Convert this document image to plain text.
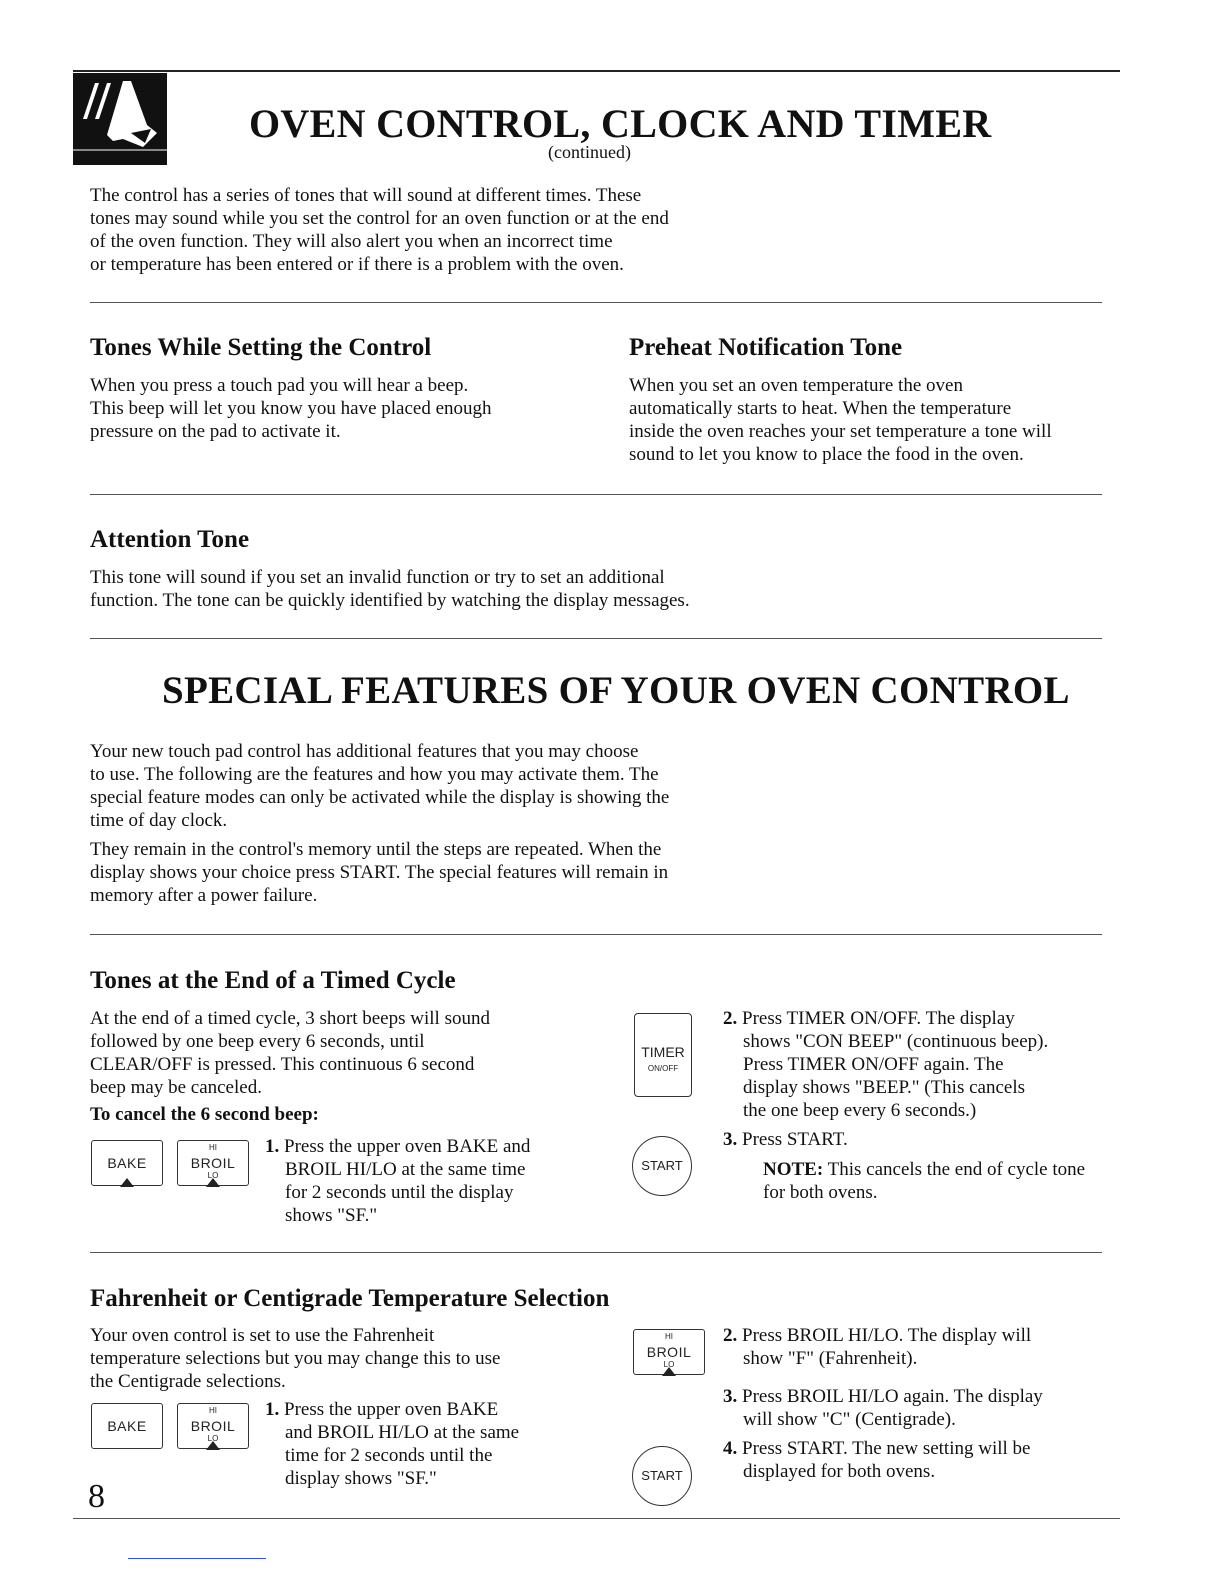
OVEN CONTROL, CLOCK AND TIMER
(continued)
The control has a series of tones that will sound at different times. These
tones may sound while you set the control for an oven function or at the end
of the oven function. They will also alert you when an incorrect time
or temperature has been entered or if there is a problem with the oven.
Tones While Setting the Control
When you press a touch pad you will hear a beep.
This beep will let you know you have placed enough
pressure on the pad to activate it.
Preheat Notification Tone
When you set an oven temperature the oven
automatically starts to heat. When the temperature
inside the oven reaches your set temperature a tone will
sound to let you know to place the food in the oven.
Attention Tone
This tone will sound if you set an invalid function or try to set an additional
function. The tone can be quickly identified by watching the display messages.
SPECIAL FEATURES OF YOUR OVEN CONTROL
Your new touch pad control has additional features that you may choose
to use. The following are the features and how you may activate them. The
special feature modes can only be activated while the display is showing the
time of day clock.
They remain in the control's memory until the steps are repeated. When the
display shows your choice press START. The special features will remain in
memory after a power failure.
Tones at the End of a Timed Cycle
At the end of a timed cycle, 3 short beeps will sound
followed by one beep every 6 seconds, until
CLEAR/OFF is pressed. This continuous 6 second
beep may be canceled.
To cancel the 6 second beep:
BAKE
HI
BROIL
LO
1. Press the upper oven BAKE and
BROIL HI/LO at the same time
for 2 seconds until the display
shows "SF."
TIMER
ON/OFF
2. Press TIMER ON/OFF. The display
shows "CON BEEP" (continuous beep).
Press TIMER ON/OFF again. The
display shows "BEEP." (This cancels
the one beep every 6 seconds.)
START
3. Press START.
NOTE: This cancels the end of cycle tone
for both ovens.
Fahrenheit or Centigrade Temperature Selection
Your oven control is set to use the Fahrenheit
temperature selections but you may change this to use
the Centigrade selections.
BAKE
HI
BROIL
LO
1. Press the upper oven BAKE
and BROIL HI/LO at the same
time for 2 seconds until the
display shows "SF."
HI
BROIL
LO
2. Press BROIL HI/LO. The display will
show "F" (Fahrenheit).
3. Press BROIL HI/LO again. The display
will show "C" (Centigrade).
START
4. Press START. The new setting will be
displayed for both ovens.
8
